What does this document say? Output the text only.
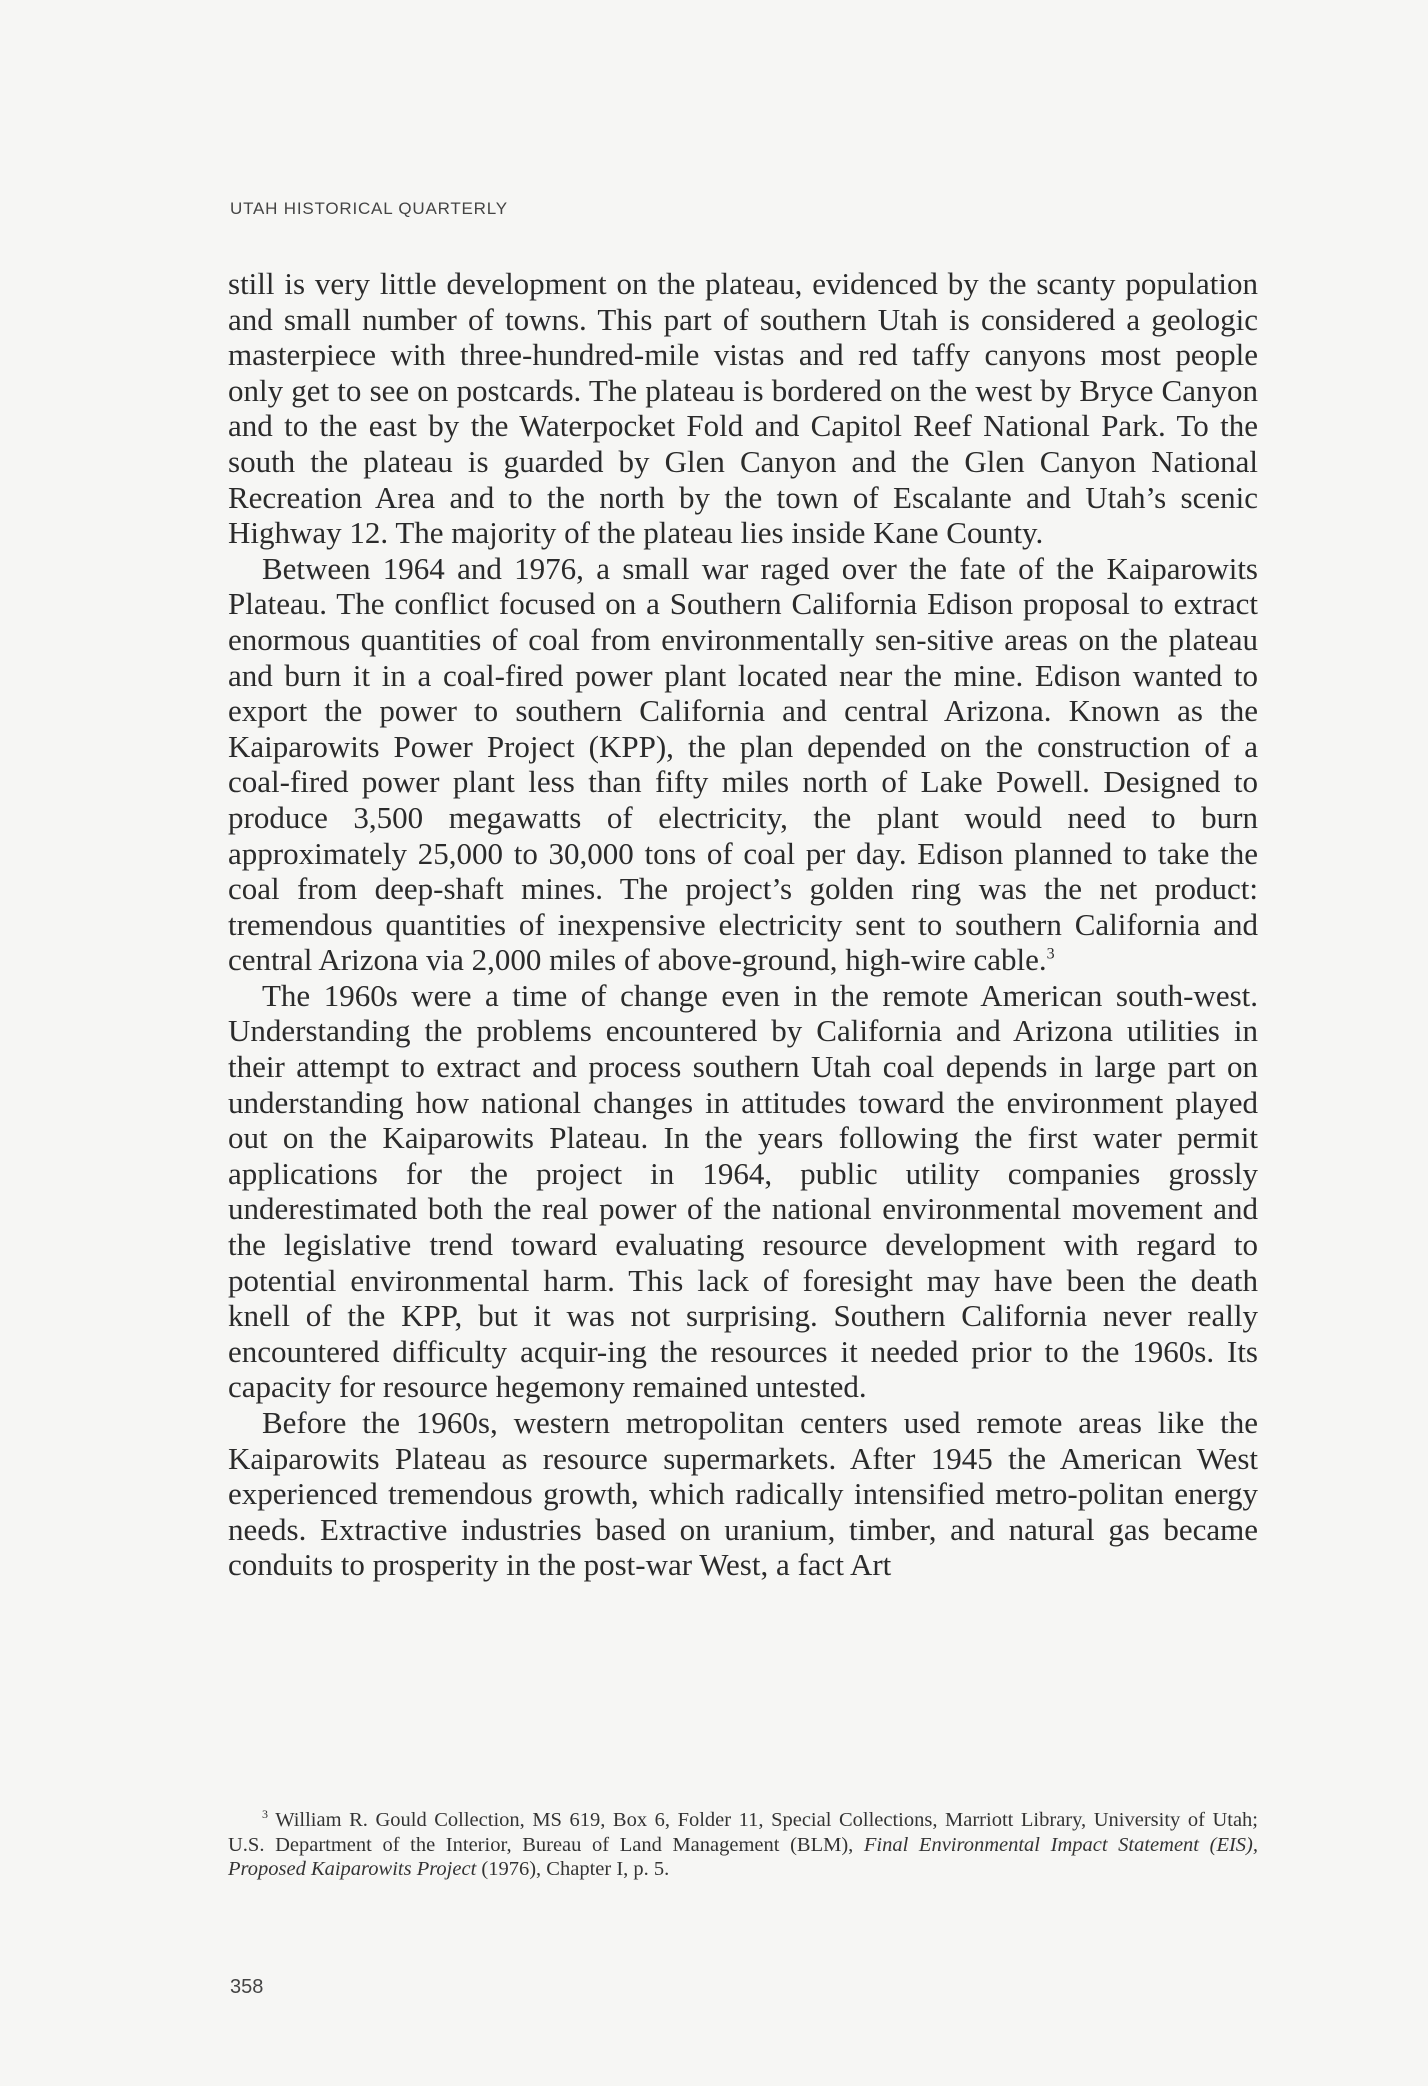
UTAH HISTORICAL QUARTERLY

still is very little development on the plateau, evidenced by the scanty population and small number of towns. This part of southern Utah is considered a geologic masterpiece with three-hundred-mile vistas and red taffy canyons most people only get to see on postcards. The plateau is bordered on the west by Bryce Canyon and to the east by the Waterpocket Fold and Capitol Reef National Park. To the south the plateau is guarded by Glen Canyon and the Glen Canyon National Recreation Area and to the north by the town of Escalante and Utah’s scenic Highway 12. The majority of the plateau lies inside Kane County.

Between 1964 and 1976, a small war raged over the fate of the Kaiparowits Plateau. The conflict focused on a Southern California Edison proposal to extract enormous quantities of coal from environmentally sen-sitive areas on the plateau and burn it in a coal-fired power plant located near the mine. Edison wanted to export the power to southern California and central Arizona. Known as the Kaiparowits Power Project (KPP), the plan depended on the construction of a coal-fired power plant less than fifty miles north of Lake Powell. Designed to produce 3,500 megawatts of electricity, the plant would need to burn approximately 25,000 to 30,000 tons of coal per day. Edison planned to take the coal from deep-shaft mines. The project’s golden ring was the net product: tremendous quantities of inexpensive electricity sent to southern California and central Arizona via 2,000 miles of above-ground, high-wire cable.$^3$

The 1960s were a time of change even in the remote American south-west. Understanding the problems encountered by California and Arizona utilities in their attempt to extract and process southern Utah coal depends in large part on understanding how national changes in attitudes toward the environment played out on the Kaiparowits Plateau. In the years following the first water permit applications for the project in 1964, public utility companies grossly underestimated both the real power of the national environmental movement and the legislative trend toward evaluating resource development with regard to potential environmental harm. This lack of foresight may have been the death knell of the KPP, but it was not surprising. Southern California never really encountered difficulty acquir-ing the resources it needed prior to the 1960s. Its capacity for resource hegemony remained untested.

Before the 1960s, western metropolitan centers used remote areas like the Kaiparowits Plateau as resource supermarkets. After 1945 the American West experienced tremendous growth, which radically intensified metro-politan energy needs. Extractive industries based on uranium, timber, and natural gas became conduits to prosperity in the post-war West, a fact Art

$^3$ William R. Gould Collection, MS 619, Box 6, Folder 11, Special Collections, Marriott Library, University of Utah; U.S. Department of the Interior, Bureau of Land Management (BLM), Final Environmental Impact Statement (EIS), Proposed Kaiparowits Project (1976), Chapter I, p. 5.
358
